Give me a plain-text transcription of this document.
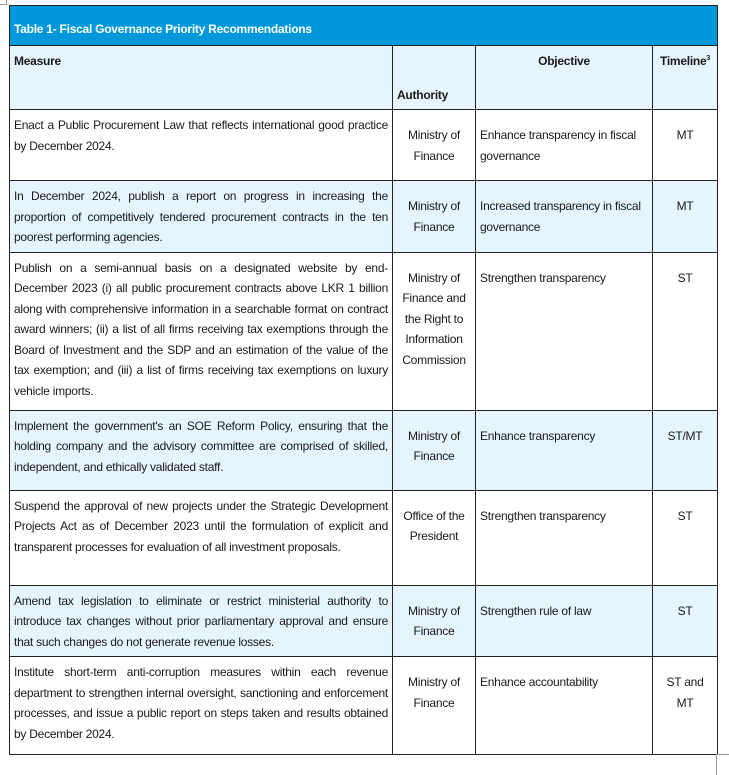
Table 1- Fiscal Governance Priority Recommendations			
Measure	Authority	Objective	Timeline$^3$
Enact a Public Procurement Law that reflects international good practice by December 2024.	Ministry of Finance	Enhance transparency in fiscal governance	MT
In December 2024, publish a report on progress in increasing the proportion of competitively tendered procurement contracts in the ten poorest performing agencies.	Ministry of Finance	Increased transparency in fiscal governance	MT
Publish on a semi-annual basis on a designated website by end-December 2023 (i) all public procurement contracts above LKR 1 billion along with comprehensive information in a searchable format on contract award winners; (ii) a list of all firms receiving tax exemptions through the Board of Investment and the SDP and an estimation of the value of the tax exemption; and (iii) a list of firms receiving tax exemptions on luxury vehicle imports.	Ministry of Finance and the Right to Information Commission	Strengthen transparency	ST
Implement the government's an SOE Reform Policy, ensuring that the holding company and the advisory committee are comprised of skilled, independent, and ethically validated staff.	Ministry of Finance	Enhance transparency	ST/MT
Suspend the approval of new projects under the Strategic Development Projects Act as of December 2023 until the formulation of explicit and transparent processes for evaluation of all investment proposals.	Office of the President	Strengthen transparency	ST
Amend tax legislation to eliminate or restrict ministerial authority to introduce tax changes without prior parliamentary approval and ensure that such changes do not generate revenue losses.	Ministry of Finance	Strengthen rule of law	ST
Institute short-term anti-corruption measures within each revenue department to strengthen internal oversight, sanctioning and enforcement processes, and issue a public report on steps taken and results obtained by December 2024.	Ministry of Finance	Enhance accountability	ST and MT
